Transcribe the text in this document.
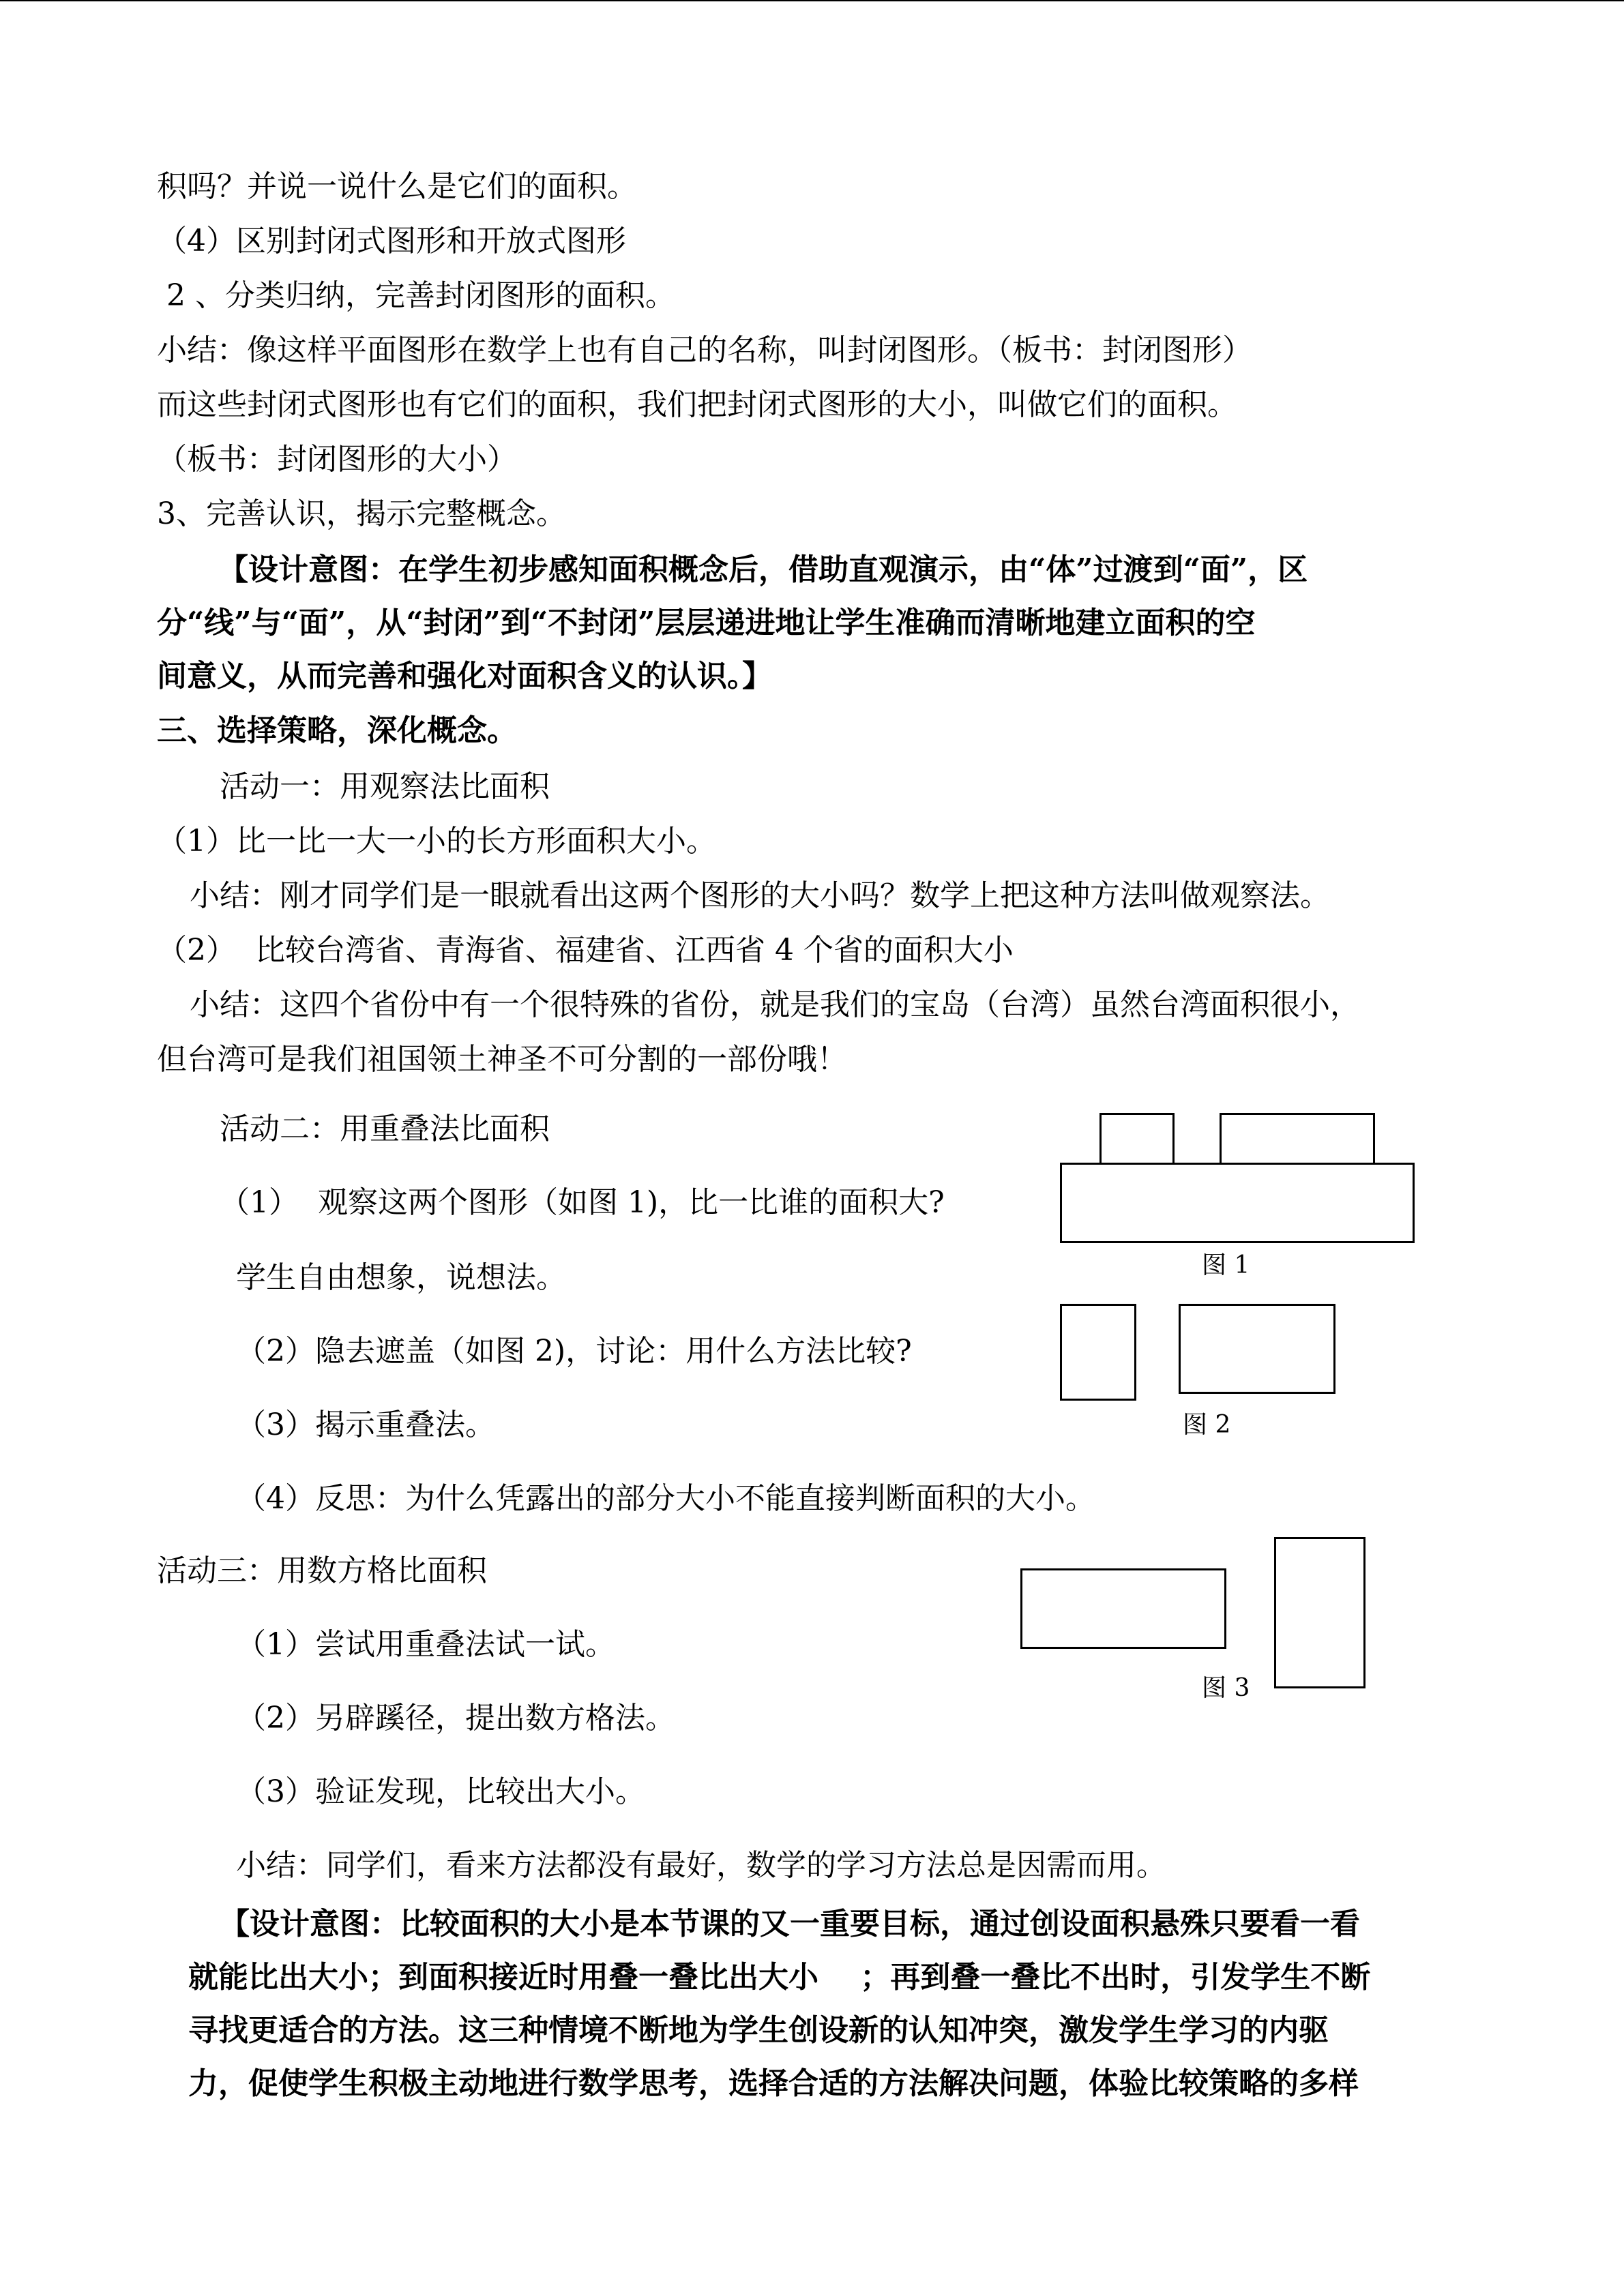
积吗？并说一说什么是它们的面积。
（4）区别封闭式图形和开放式图形
2 、分类归纳，完善封闭图形的面积。
小结：像这样平面图形在数学上也有自己的名称，叫封闭图形。（板书：封闭图形）
而这些封闭式图形也有它们的面积，我们把封闭式图形的大小，叫做它们的面积。
（板书：封闭图形的大小）
3、完善认识，揭示完整概念。
【设计意图：在学生初步感知面积概念后，借助直观演示，由“体”过渡到“面”，区
分“线”与“面”，从“封闭”到“不封闭”层层递进地让学生准确而清晰地建立面积的空
间意义，从而完善和强化对面积含义的认识。】
三、选择策略，深化概念。
活动一：用观察法比面积
（1）比一比一大一小的长方形面积大小。
小结：刚才同学们是一眼就看出这两个图形的大小吗？数学上把这种方法叫做观察法。
（2）  比较台湾省、青海省、福建省、江西省 4 个省的面积大小
小结：这四个省份中有一个很特殊的省份，就是我们的宝岛（台湾）虽然台湾面积很小，
但台湾可是我们祖国领土神圣不可分割的一部份哦！
活动二：用重叠法比面积
（1）  观察这两个图形（如图 1)，比一比谁的面积大?
学生自由想象，说想法。
（2）隐去遮盖（如图 2)，讨论：用什么方法比较?
（3）揭示重叠法。
（4）反思：为什么凭露出的部分大小不能直接判断面积的大小。
活动三：用数方格比面积
（1）尝试用重叠法试一试。
（2）另辟蹊径，提出数方格法。
（3）验证发现，比较出大小。
小结：同学们，看来方法都没有最好，数学的学习方法总是因需而用。
【设计意图：比较面积的大小是本节课的又一重要目标，通过创设面积悬殊只要看一看
就能比出大小；到面积接近时用叠一叠比出大小    ；再到叠一叠比不出时，引发学生不断
寻找更适合的方法。这三种情境不断地为学生创设新的认知冲突，激发学生学习的内驱
力，促使学生积极主动地进行数学思考，选择合适的方法解决问题，体验比较策略的多样
图 1
图 2
图 3
